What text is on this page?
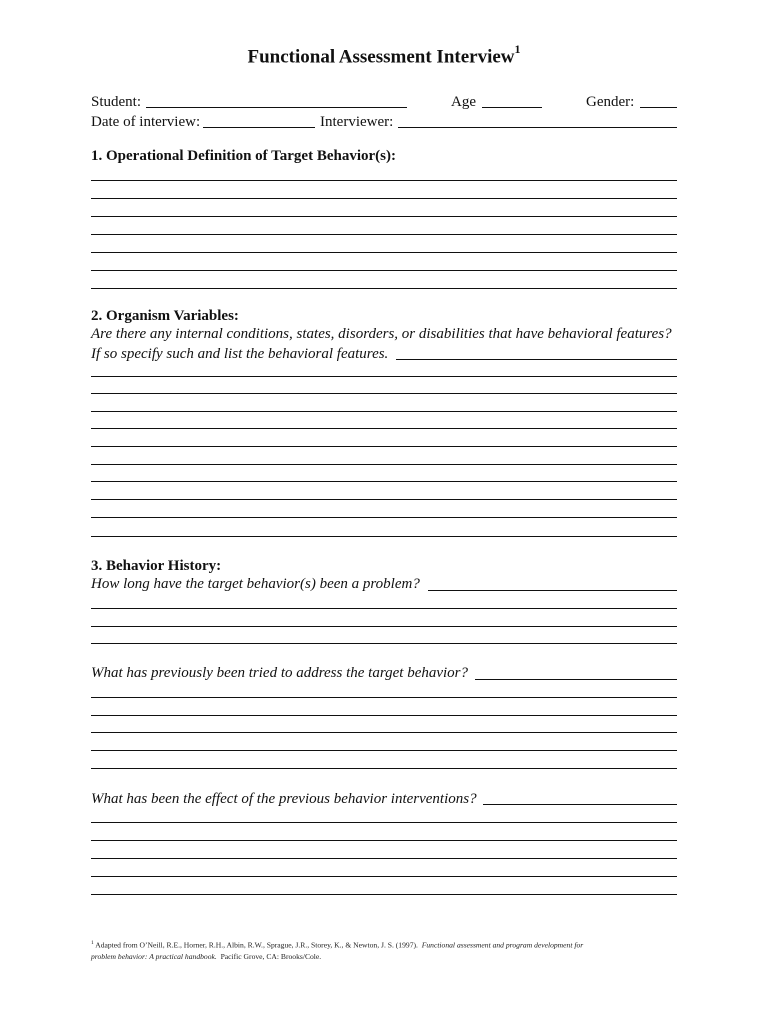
Functional Assessment Interview$^1$
Student:	Age	Gender:
Date of interview:	Interviewer:
1. Operational Definition of Target Behavior(s):
2. Organism Variables:
Are there any internal conditions, states, disorders, or disabilities that have behavioral features?
If so specify such and list the behavioral features.
3. Behavior History:
How long have the target behavior(s) been a problem?
What has previously been tried to address the target behavior?
What has been the effect of the previous behavior interventions?
$^1$ Adapted from O’Neill, R.E., Horner, R.H., Albin, R.W., Sprague, J.R., Storey, K., & Newton, J. S. (1997). Functional assessment and program development for
problem behavior: A practical handbook. Pacific Grove, CA: Brooks/Cole.
